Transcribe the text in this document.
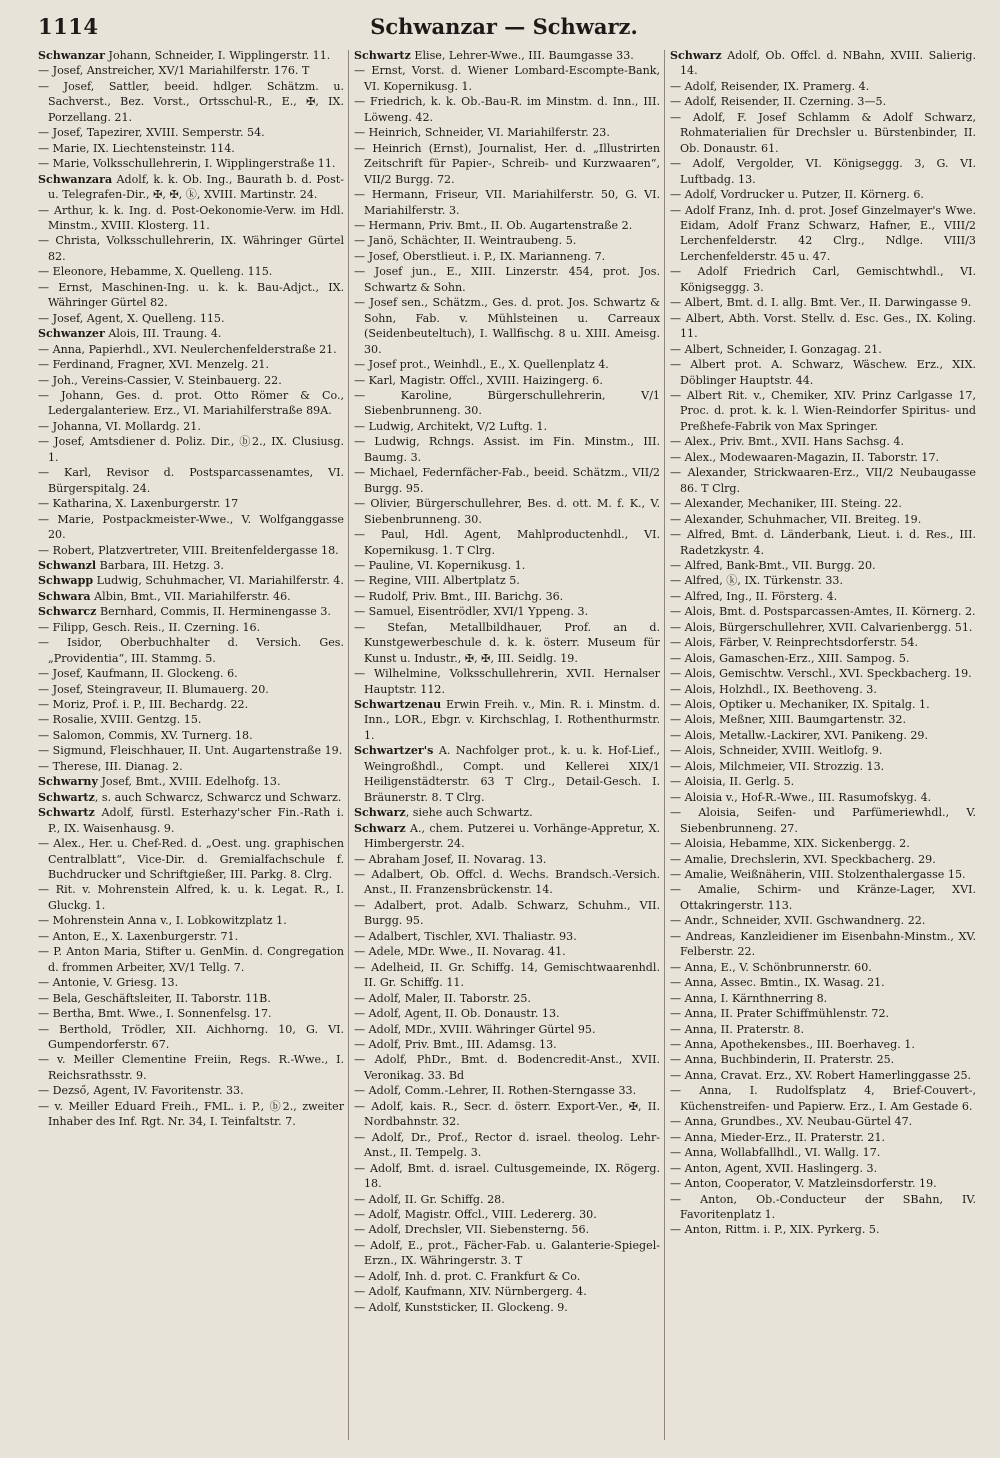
1114	Schwanzar — Schwarz.

Schwanzar Johann, Schneider, I. Wipplingerstr. 11.

— Josef, Anstreicher, XV/1 Mariahilferstr. 176. T

— Josef, Sattler, beeid. hdlger. Schätzm. u. Sachverst., Bez. Vorst., Ortsschul-R., E., ✠, IX. Porzellang. 21.

— Josef, Tapezirer, XVIII. Semperstr. 54.

— Marie, IX. Liechtensteinstr. 114.

— Marie, Volksschullehrerin, I. Wipplingerstraße 11.

Schwanzara Adolf, k. k. Ob. Ing., Baurath b. d. Post- u. Telegrafen-Dir., ✠, ✠, ⓚ, XVIII. Martinstr. 24.

— Arthur, k. k. Ing. d. Post-Oekonomie-Verw. im Hdl. Minstm., XVIII. Klosterg. 11.

— Christa, Volksschullehrerin, IX. Währinger Gürtel 82.

— Eleonore, Hebamme, X. Quelleng. 115.

— Ernst, Maschinen-Ing. u. k. k. Bau-Adjct., IX. Währinger Gürtel 82.

— Josef, Agent, X. Quelleng. 115.

Schwanzer Alois, III. Traung. 4.

— Anna, Papierhdl., XVI. Neulerchenfelderstraße 21.

— Ferdinand, Fragner, XVI. Menzelg. 21.

— Joh., Vereins-Cassier, V. Steinbauerg. 22.

— Johann, Ges. d. prot. Otto Römer & Co., Ledergalanteriew. Erz., VI. Mariahilferstraße 89A.

— Johanna, VI. Mollardg. 21.

— Josef, Amtsdiener d. Poliz. Dir., ⓑ2., IX. Clusiusg. 1.

— Karl, Revisor d. Postsparcassenamtes, VI. Bürgerspitalg. 24.

— Katharina, X. Laxenburgerstr. 17

— Marie, Postpackmeister-Wwe., V. Wolfganggasse 20.

— Robert, Platzvertreter, VIII. Breitenfeldergasse 18.

Schwanzl Barbara, III. Hetzg. 3.

Schwapp Ludwig, Schuhmacher, VI. Mariahilferstr. 4.

Schwara Albin, Bmt., VII. Mariahilferstr. 46.

Schwarcz Bernhard, Commis, II. Herminengasse 3.

— Filipp, Gesch. Reis., II. Czerning. 16.

— Isidor, Oberbuchhalter d. Versich. Ges. „Providentia“, III. Stammg. 5.

— Josef, Kaufmann, II. Glockeng. 6.

— Josef, Steingraveur, II. Blumauerg. 20.

— Moriz, Prof. i. P., III. Bechardg. 22.

— Rosalie, XVIII. Gentzg. 15.

— Salomon, Commis, XV. Turnerg. 18.

— Sigmund, Fleischhauer, II. Unt. Augartenstraße 19.

— Therese, III. Dianag. 2.

Schwarny Josef, Bmt., XVIII. Edelhofg. 13.

Schwartz, s. auch Schwarcz, Schwarcz und Schwarz.

Schwartz Adolf, fürstl. Esterhazy'scher Fin.-Rath i. P., IX. Waisenhausg. 9.

— Alex., Her. u. Chef-Red. d. „Oest. ung. graphischen Centralblatt“, Vice-Dir. d. Gremialfachschule f. Buchdrucker und Schriftgießer, III. Parkg. 8. Clrg.

— Rit. v. Mohrenstein Alfred, k. u. k. Legat. R., I. Gluckg. 1.

— Mohrenstein Anna v., I. Lobkowitzplatz 1.

— Anton, E., X. Laxenburgerstr. 71.

— P. Anton Maria, Stifter u. GenMin. d. Congregation d. frommen Arbeiter, XV/1 Tellg. 7.

— Antonie, V. Griesg. 13.

— Bela, Geschäftsleiter, II. Taborstr. 11B.

— Bertha, Bmt. Wwe., I. Sonnenfelsg. 17.

— Berthold, Trödler, XII. Aichhorng. 10, G. VI. Gumpendorferstr. 67.

— v. Meiller Clementine Freiin, Regs. R.-Wwe., I. Reichsrathsstr. 9.

— Dezső, Agent, IV. Favoritenstr. 33.

— v. Meiller Eduard Freih., FML. i. P., ⓑ2., zweiter Inhaber des Inf. Rgt. Nr. 34, I. Teinfaltstr. 7.

Schwartz Elise, Lehrer-Wwe., III. Baumgasse 33.

— Ernst, Vorst. d. Wiener Lombard-Escompte-Bank, VI. Kopernikusg. 1.

— Friedrich, k. k. Ob.-Bau-R. im Minstm. d. Inn., III. Löweng. 42.

— Heinrich, Schneider, VI. Mariahilferstr. 23.

— Heinrich (Ernst), Journalist, Her. d. „Illustrirten Zeitschrift für Papier-, Schreib- und Kurzwaaren“, VII/2 Burgg. 72.

— Hermann, Friseur, VII. Mariahilferstr. 50, G. VI. Mariahilferstr. 3.

— Hermann, Priv. Bmt., II. Ob. Augartenstraße 2.

— Janö, Schächter, II. Weintraubeng. 5.

— Josef, Oberstlieut. i. P., IX. Marianneng. 7.

— Josef jun., E., XIII. Linzerstr. 454, prot. Jos. Schwartz & Sohn.

— Josef sen., Schätzm., Ges. d. prot. Jos. Schwartz & Sohn, Fab. v. Mühlsteinen u. Carreaux (Seidenbeuteltuch), I. Wallfischg. 8 u. XIII. Ameisg. 30.

— Josef prot., Weinhdl., E., X. Quellenplatz 4.

— Karl, Magistr. Offcl., XVIII. Haizingerg. 6.

— Karoline, Bürgerschullehrerin, V/1 Siebenbrunneng. 30.

— Ludwig, Architekt, V/2 Luftg. 1.

— Ludwig, Rchngs. Assist. im Fin. Minstm., III. Baumg. 3.

— Michael, Federnfächer-Fab., beeid. Schätzm., VII/2 Burgg. 95.

— Olivier, Bürgerschullehrer, Bes. d. ott. M. f. K., V. Siebenbrunneng. 30.

— Paul, Hdl. Agent, Mahlproductenhdl., VI. Kopernikusg. 1. T Clrg.

— Pauline, VI. Kopernikusg. 1.

— Regine, VIII. Albertplatz 5.

— Rudolf, Priv. Bmt., III. Barichg. 36.

— Samuel, Eisentrödler, XVI/1 Yppeng. 3.

— Stefan, Metallbildhauer, Prof. an d. Kunstgewerbeschule d. k. k. österr. Museum für Kunst u. Industr., ✠, ✠, III. Seidlg. 19.

— Wilhelmine, Volksschullehrerin, XVII. Hernalser Hauptstr. 112.

Schwartzenau Erwin Freih. v., Min. R. i. Minstm. d. Inn., LOR., Ebgr. v. Kirchschlag, I. Rothenthurmstr. 1.

Schwartzer's A. Nachfolger prot., k. u. k. Hof-Lief., Weingroßhdl., Compt. und Kellerei XIX/1 Heiligenstädterstr. 63 T Clrg., Detail-Gesch. I. Bräunerstr. 8. T Clrg.

Schwarz, siehe auch Schwartz.

Schwarz A., chem. Putzerei u. Vorhänge-Appretur, X. Himbergerstr. 24.

— Abraham Josef, II. Novarag. 13.

— Adalbert, Ob. Offcl. d. Wechs. Brandsch.-Versich. Anst., II. Franzensbrückenstr. 14.

— Adalbert, prot. Adalb. Schwarz, Schuhm., VII. Burgg. 95.

— Adalbert, Tischler, XVI. Thaliastr. 93.

— Adele, MDr. Wwe., II. Novarag. 41.

— Adelheid, II. Gr. Schiffg. 14, Gemischtwaarenhdl. II. Gr. Schiffg. 11.

— Adolf, Maler, II. Taborstr. 25.

— Adolf, Agent, II. Ob. Donaustr. 13.

— Adolf, MDr., XVIII. Währinger Gürtel 95.

— Adolf, Priv. Bmt., III. Adamsg. 13.

— Adolf, PhDr., Bmt. d. Bodencredit-Anst., XVII. Veronikag. 33. Bd

— Adolf, Comm.-Lehrer, II. Rothen-Sterngasse 33.

— Adolf, kais. R., Secr. d. österr. Export-Ver., ✠, II. Nordbahnstr. 32.

— Adolf, Dr., Prof., Rector d. israel. theolog. Lehr-Anst., II. Tempelg. 3.

— Adolf, Bmt. d. israel. Cultusgemeinde, IX. Rögerg. 18.

— Adolf, II. Gr. Schiffg. 28.

— Adolf, Magistr. Offcl., VIII. Ledererg. 30.

— Adolf, Drechsler, VII. Siebensterng. 56.

— Adolf, E., prot., Fächer-Fab. u. Galanterie-Spiegel-Erzn., IX. Währingerstr. 3. T

— Adolf, Inh. d. prot. C. Frankfurt & Co.

— Adolf, Kaufmann, XIV. Nürnbergerg. 4.

— Adolf, Kunststicker, II. Glockeng. 9.

Schwarz Adolf, Ob. Offcl. d. NBahn, XVIII. Salierig. 14.

— Adolf, Reisender, IX. Pramerg. 4.

— Adolf, Reisender, II. Czerning. 3—5.

— Adolf, F. Josef Schlamm & Adolf Schwarz, Rohmaterialien für Drechsler u. Bürstenbinder, II. Ob. Donaustr. 61.

— Adolf, Vergolder, VI. Königseggg. 3, G. VI. Luftbadg. 13.

— Adolf, Vordrucker u. Putzer, II. Körnerg. 6.

— Adolf Franz, Inh. d. prot. Josef Ginzelmayer's Wwe. Eidam, Adolf Franz Schwarz, Hafner, E., VIII/2 Lerchenfelderstr. 42 Clrg., Ndlge. VIII/3 Lerchenfelderstr. 45 u. 47.

— Adolf Friedrich Carl, Gemischtwhdl., VI. Königseggg. 3.

— Albert, Bmt. d. I. allg. Bmt. Ver., II. Darwingasse 9.

— Albert, Abth. Vorst. Stellv. d. Esc. Ges., IX. Koling. 11.

— Albert, Schneider, I. Gonzagag. 21.

— Albert prot. A. Schwarz, Wäschew. Erz., XIX. Döblinger Hauptstr. 44.

— Albert Rit. v., Chemiker, XIV. Prinz Carlgasse 17, Proc. d. prot. k. k. l. Wien-Reindorfer Spiritus- und Preßhefe-Fabrik von Max Springer.

— Alex., Priv. Bmt., XVII. Hans Sachsg. 4.

— Alex., Modewaaren-Magazin, II. Taborstr. 17.

— Alexander, Strickwaaren-Erz., VII/2 Neubaugasse 86. T Clrg.

— Alexander, Mechaniker, III. Steing. 22.

— Alexander, Schuhmacher, VII. Breiteg. 19.

— Alfred, Bmt. d. Länderbank, Lieut. i. d. Res., III. Radetzkystr. 4.

— Alfred, Bank-Bmt., VII. Burgg. 20.

— Alfred, ⓚ, IX. Türkenstr. 33.

— Alfred, Ing., II. Försterg. 4.

— Alois, Bmt. d. Postsparcassen-Amtes, II. Körnerg. 2.

— Alois, Bürgerschullehrer, XVII. Calvarienbergg. 51.

— Alois, Färber, V. Reinprechtsdorferstr. 54.

— Alois, Gamaschen-Erz., XIII. Sampog. 5.

— Alois, Gemischtw. Verschl., XVI. Speckbacherg. 19.

— Alois, Holzhdl., IX. Beethoveng. 3.

— Alois, Optiker u. Mechaniker, IX. Spitalg. 1.

— Alois, Meßner, XIII. Baumgartenstr. 32.

— Alois, Metallw.-Lackirer, XVI. Panikeng. 29.

— Alois, Schneider, XVIII. Weitlofg. 9.

— Alois, Milchmeier, VII. Strozzig. 13.

— Aloisia, II. Gerlg. 5.

— Aloisia v., Hof-R.-Wwe., III. Rasumofskyg. 4.

— Aloisia, Seifen- und Parfümeriewhdl., V. Siebenbrunneng. 27.

— Aloisia, Hebamme, XIX. Sickenbergg. 2.

— Amalie, Drechslerin, XVI. Speckbacherg. 29.

— Amalie, Weißnäherin, VIII. Stolzenthalergasse 15.

— Amalie, Schirm- und Kränze-Lager, XVI. Ottakringerstr. 113.

— Andr., Schneider, XVII. Gschwandnerg. 22.

— Andreas, Kanzleidiener im Eisenbahn-Minstm., XV. Felberstr. 22.

— Anna, E., V. Schönbrunnerstr. 60.

— Anna, Assec. Bmtin., IX. Wasag. 21.

— Anna, I. Kärnthnerring 8.

— Anna, II. Prater Schiffmühlenstr. 72.

— Anna, II. Praterstr. 8.

— Anna, Apothekensbes., III. Boerhaveg. 1.

— Anna, Buchbinderin, II. Praterstr. 25.

— Anna, Cravat. Erz., XV. Robert Hamerlinggasse 25.

— Anna, I. Rudolfsplatz 4, Brief-Couvert-, Küchenstreifen- und Papierw. Erz., I. Am Gestade 6.

— Anna, Grundbes., XV. Neubau-Gürtel 47.

— Anna, Mieder-Erz., II. Praterstr. 21.

— Anna, Wollabfallhdl., VI. Wallg. 17.

— Anton, Agent, XVII. Haslingerg. 3.

— Anton, Cooperator, V. Matzleinsdorferstr. 19.

— Anton, Ob.-Conducteur der SBahn, IV. Favoritenplatz 1.

— Anton, Rittm. i. P., XIX. Pyrkerg. 5.
